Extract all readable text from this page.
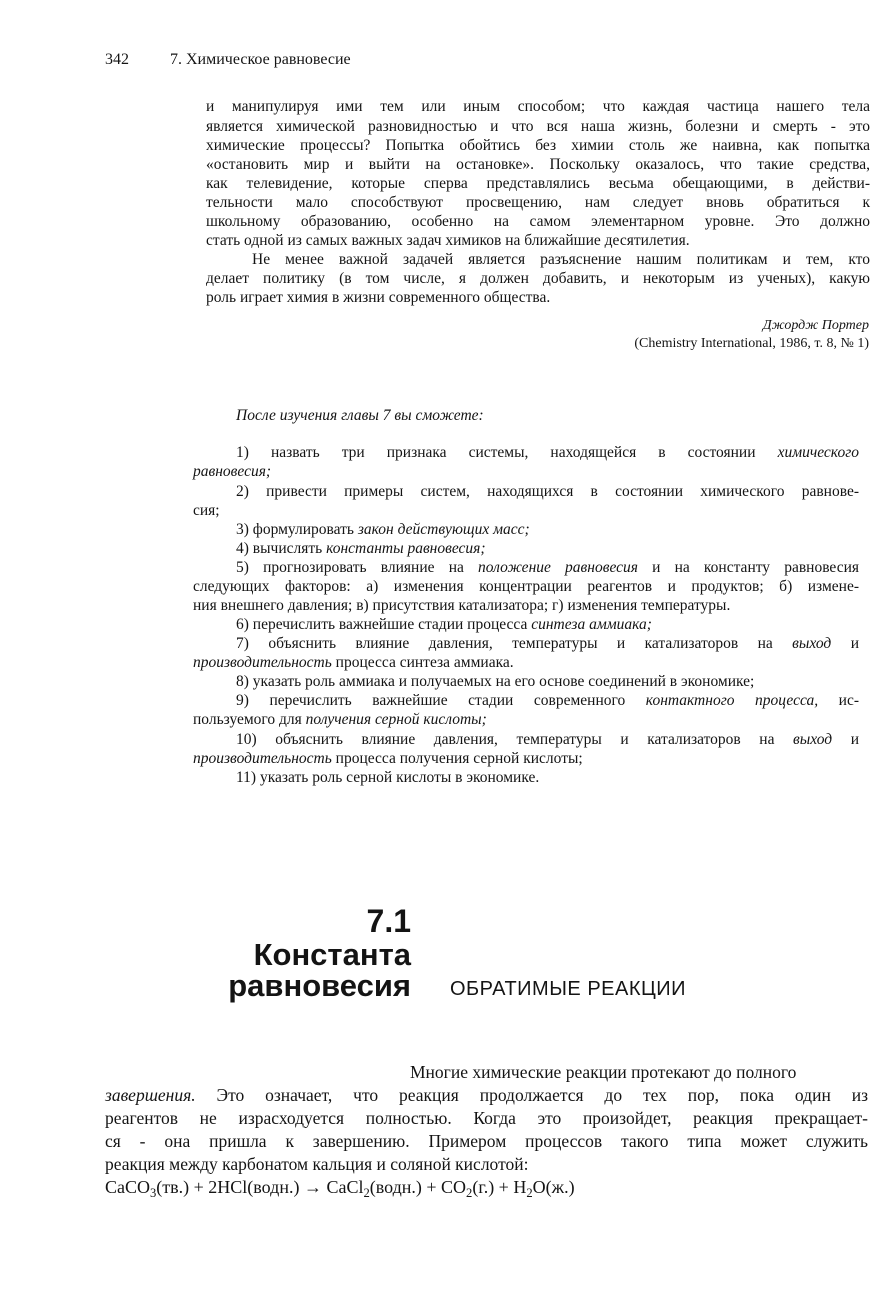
342	7. Химическое равновесие
и манипулируя ими тем или иным способом; что каждая частица нашего тела
является химической разновидностью и что вся наша жизнь, болезни и смерть - это
химические процессы? Попытка обойтись без химии столь же наивна, как попытка
«остановить мир и выйти на остановке». Поскольку оказалось, что такие средства,
как телевидение, которые сперва представлялись весьма обещающими, в действи-
тельности мало способствуют просвещению, нам следует вновь обратиться к
школьному образованию, особенно на самом элементарном уровне. Это должно
стать одной из самых важных задач химиков на ближайшие десятилетия.
Не менее важной задачей является разъяснение нашим политикам и тем, кто
делает политику (в том числе, я должен добавить, и некоторым из ученых), какую
роль играет химия в жизни современного общества.
Джордж Портер
(Chemistry International, 1986, т. 8, № 1)
После изучения главы 7 вы сможете:
1) назвать три признака системы, находящейся в состоянии химического
равновесия;
2) привести примеры систем, находящихся в состоянии химического равнове-
сия;
3) формулировать закон действующих масс;
4) вычислять константы равновесия;
5) прогнозировать влияние на положение равновесия и на константу равновесия
следующих факторов: а) изменения концентрации реагентов и продуктов; б) измене-
ния внешнего давления; в) присутствия катализатора; г) изменения температуры.
6) перечислить важнейшие стадии процесса синтеза аммиака;
7) объяснить влияние давления, температуры и катализаторов на выход и
производительность процесса синтеза аммиака.
8) указать роль аммиака и получаемых на его основе соединений в экономике;
9) перечислить важнейшие стадии современного контактного процесса, ис-
пользуемого для получения серной кислоты;
10) объяснить влияние давления, температуры и катализаторов на выход и
производительность процесса получения серной кислоты;
11) указать роль серной кислоты в экономике.
7.1
Константа
равновесия ОБРАТИМЫЕ РЕАКЦИИ
Многие химические реакции протекают до полного
завершения. Это означает, что реакция продолжается до тех пор, пока один из
реагентов не израсходуется полностью. Когда это произойдет, реакция прекращает-
ся - она пришла к завершению. Примером процессов такого типа может служить
реакция между карбонатом кальция и соляной кислотой:
CaCO$_3$(тв.) + 2HCl(водн.) → CaCl$_2$(водн.) + $CO_2(г.) + H_2O(ж.)$
